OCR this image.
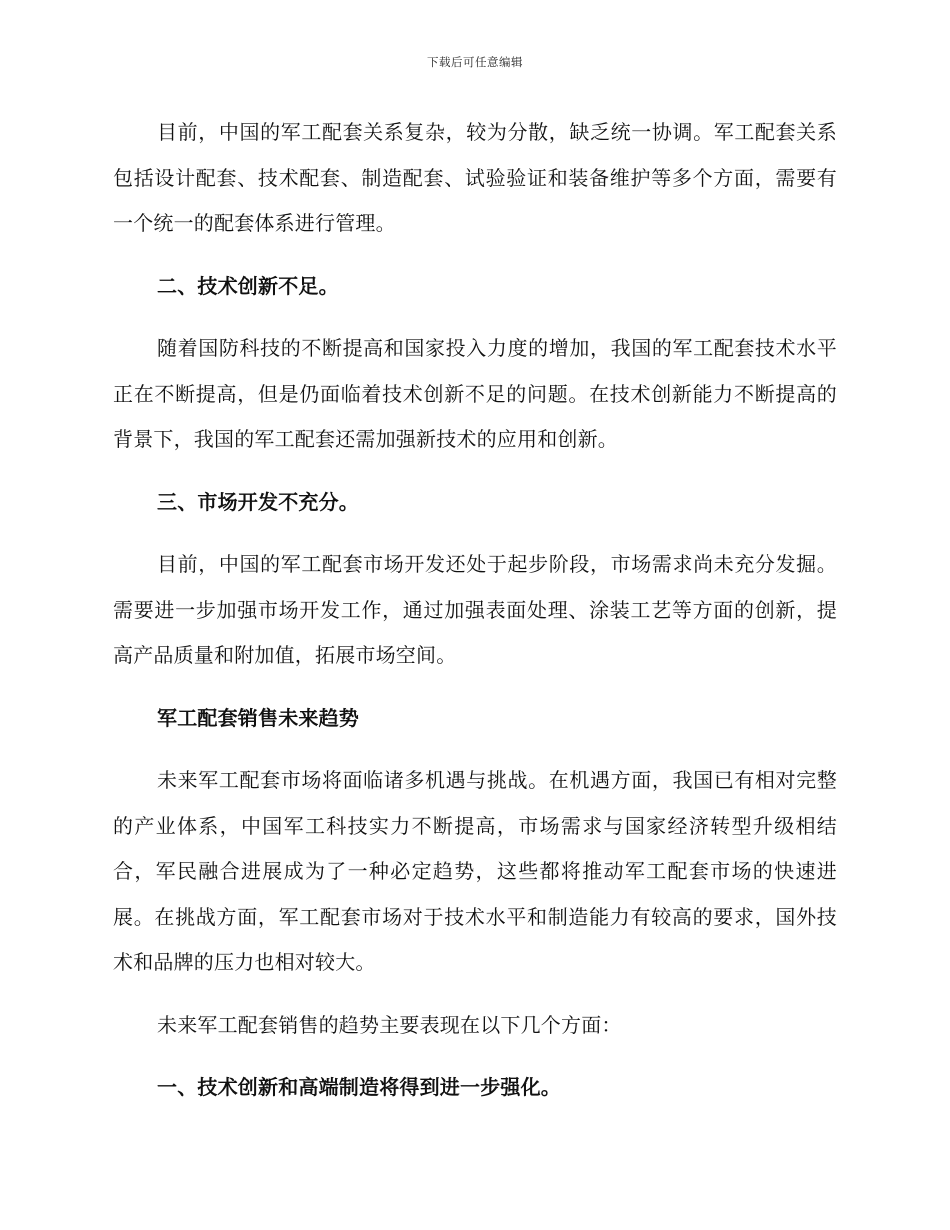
下载后可任意编辑

目前，中国的军工配套关系复杂，较为分散，缺乏统一协调。军工配套关系包括设计配套、技术配套、制造配套、试验验证和装备维护等多个方面，需要有一个统一的配套体系进行管理。

二、技术创新不足。

随着国防科技的不断提高和国家投入力度的增加，我国的军工配套技术水平正在不断提高，但是仍面临着技术创新不足的问题。在技术创新能力不断提高的背景下，我国的军工配套还需加强新技术的应用和创新。

三、市场开发不充分。

目前，中国的军工配套市场开发还处于起步阶段，市场需求尚未充分发掘。需要进一步加强市场开发工作，通过加强表面处理、涂装工艺等方面的创新，提高产品质量和附加值，拓展市场空间。

军工配套销售未来趋势

未来军工配套市场将面临诸多机遇与挑战。在机遇方面，我国已有相对完整的产业体系，中国军工科技实力不断提高，市场需求与国家经济转型升级相结合，军民融合进展成为了一种必定趋势，这些都将推动军工配套市场的快速进展。在挑战方面，军工配套市场对于技术水平和制造能力有较高的要求，国外技术和品牌的压力也相对较大。

未来军工配套销售的趋势主要表现在以下几个方面：

一、技术创新和高端制造将得到进一步强化。
